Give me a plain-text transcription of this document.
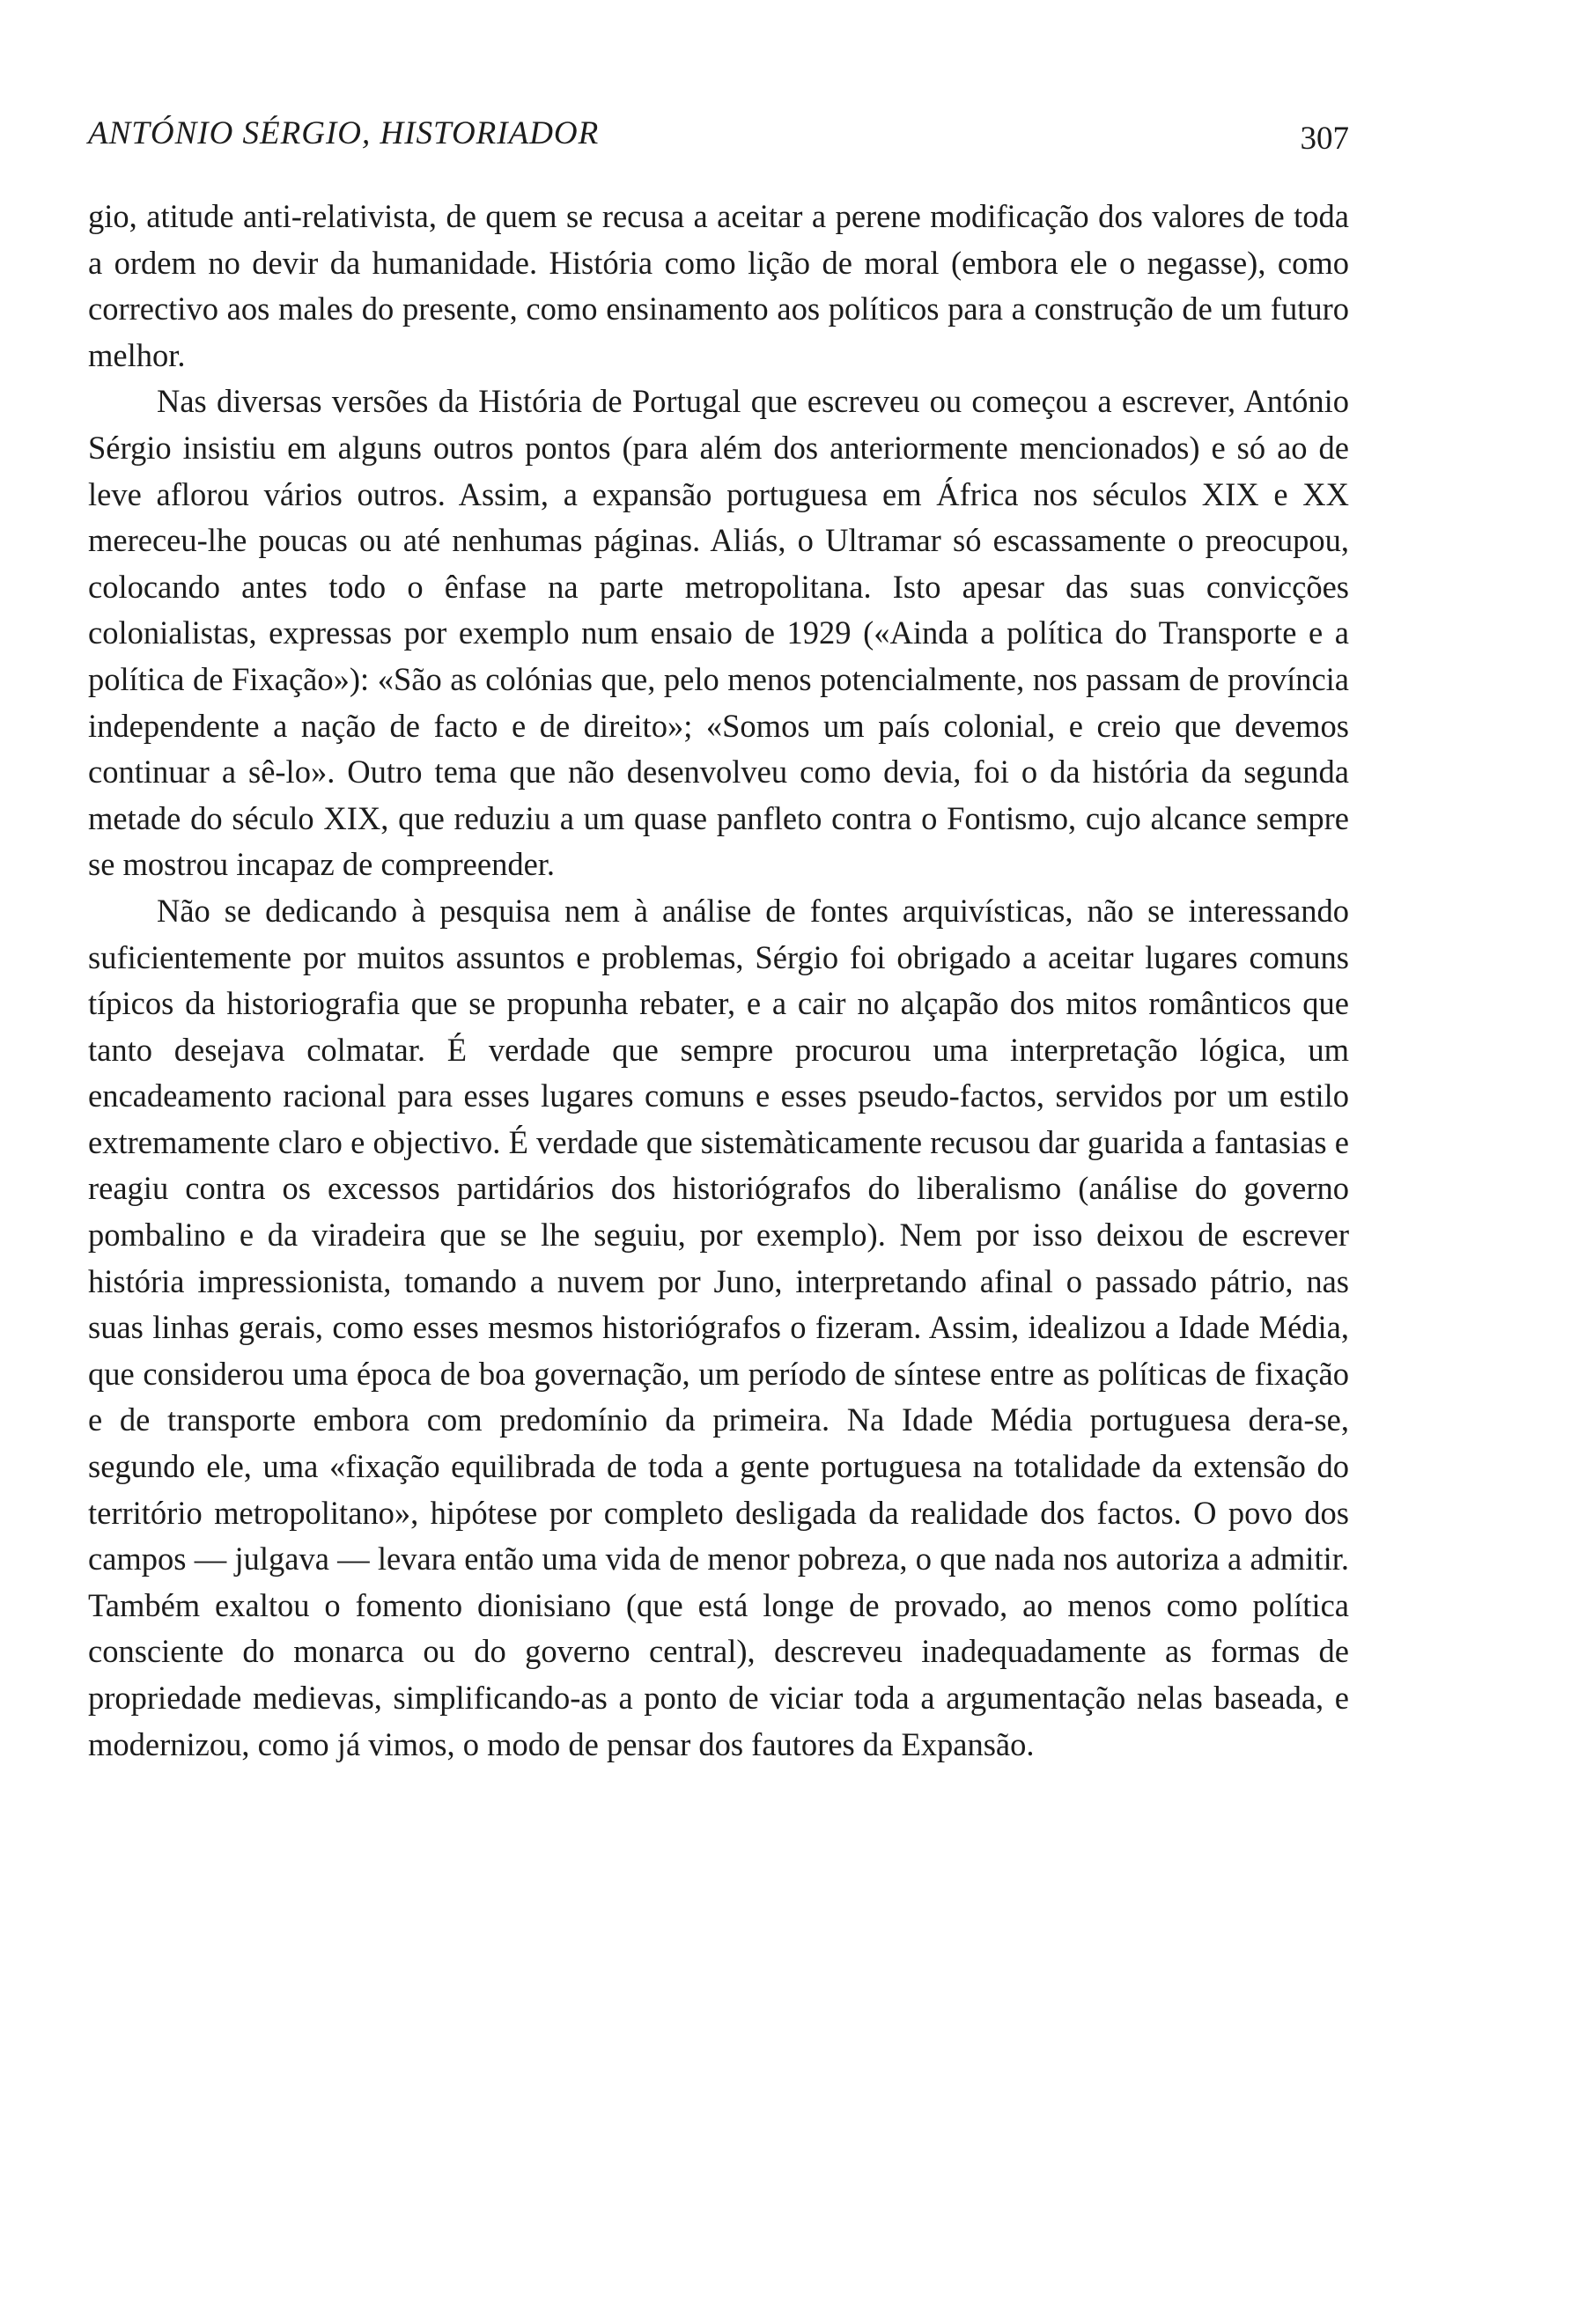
ANTÓNIO SÉRGIO, HISTORIADOR	307

gio, atitude anti-relativista, de quem se recusa a aceitar a perene modificação dos valores de toda a ordem no devir da humanidade. História como lição de moral (embora ele o negasse), como correctivo aos males do presente, como ensinamento aos políticos para a construção de um futuro melhor.

Nas diversas versões da História de Portugal que escreveu ou começou a escrever, António Sérgio insistiu em alguns outros pontos (para além dos anteriormente mencionados) e só ao de leve aflorou vários outros. Assim, a expansão portuguesa em África nos séculos XIX e XX mereceu-lhe poucas ou até nenhumas páginas. Aliás, o Ultramar só escassamente o preocupou, colocando antes todo o ênfase na parte metropolitana. Isto apesar das suas convicções colonialistas, expressas por exemplo num ensaio de 1929 («Ainda a política do Transporte e a política de Fixação»): «São as colónias que, pelo menos potencialmente, nos passam de província independente a nação de facto e de direito»; «Somos um país colonial, e creio que devemos continuar a sê-lo». Outro tema que não desenvolveu como devia, foi o da história da segunda metade do século XIX, que reduziu a um quase panfleto contra o Fontismo, cujo alcance sempre se mostrou incapaz de compreender.

Não se dedicando à pesquisa nem à análise de fontes arquivísticas, não se interessando suficientemente por muitos assuntos e problemas, Sérgio foi obrigado a aceitar lugares comuns típicos da historiografia que se propunha rebater, e a cair no alçapão dos mitos românticos que tanto desejava colmatar. É verdade que sempre procurou uma interpretação lógica, um encadeamento racional para esses lugares comuns e esses pseudo-factos, servidos por um estilo extremamente claro e objectivo. É verdade que sistemàticamente recusou dar guarida a fantasias e reagiu contra os excessos partidários dos historiógrafos do liberalismo (análise do governo pombalino e da viradeira que se lhe seguiu, por exemplo). Nem por isso deixou de escrever história impressionista, tomando a nuvem por Juno, interpretando afinal o passado pátrio, nas suas linhas gerais, como esses mesmos historiógrafos o fizeram. Assim, idealizou a Idade Média, que considerou uma época de boa governação, um período de síntese entre as políticas de fixação e de transporte embora com predomínio da primeira. Na Idade Média portuguesa dera-se, segundo ele, uma «fixação equilibrada de toda a gente portuguesa na totalidade da extensão do território metropolitano», hipótese por completo desligada da realidade dos factos. O povo dos campos — julgava — levara então uma vida de menor pobreza, o que nada nos autoriza a admitir. Também exaltou o fomento dionisiano (que está longe de provado, ao menos como política consciente do monarca ou do governo central), descreveu inadequadamente as formas de propriedade medievas, simplificando-as a ponto de viciar toda a argumentação nelas baseada, e modernizou, como já vimos, o modo de pensar dos fautores da Expansão.
